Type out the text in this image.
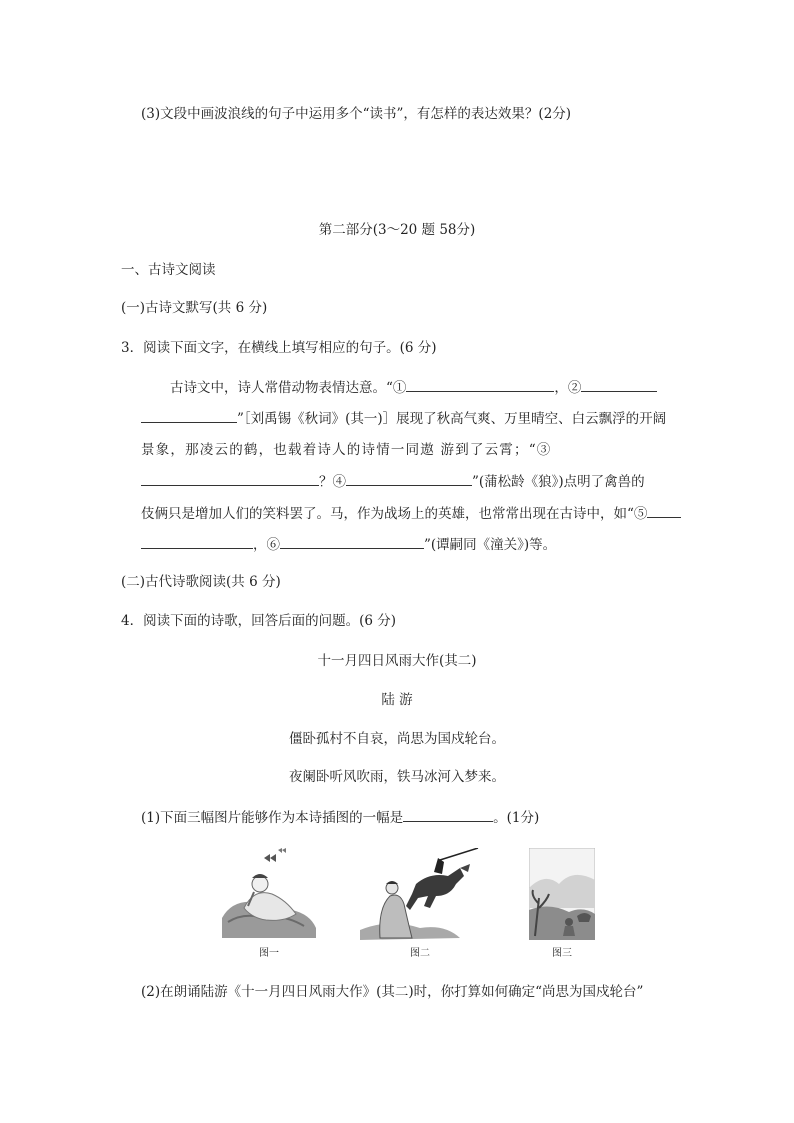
(3)文段中画波浪线的句子中运用多个“读书”，有怎样的表达效果？(2分)
第二部分(3～20 题 58分)
一、古诗文阅读
(一)古诗文默写(共 6 分)
3．阅读下面文字，在横线上填写相应的句子。(6 分)
古诗文中，诗人常借动物表情达意。“①	，②
”［刘禹锡《秋词》(其一)］展现了秋高气爽、万里晴空、白云飘浮的开阔
景象，那凌云的鹤，也载着诗人的诗情一同遨 游到了云霄；“③
？④	”(蒲松龄《狼》)点明了禽兽的
伎俩只是增加人们的笑料罢了。马，作为战场上的英雄，也常常出现在古诗中，如“⑤
，⑥	”(谭嗣同《潼关》)等。
(二)古代诗歌阅读(共 6 分)
4．阅读下面的诗歌，回答后面的问题。(6 分)
十一月四日风雨大作(其二)
陆 游
僵卧孤村不自哀，尚思为国戍轮台。
夜阑卧听风吹雨，铁马冰河入梦来。
(1)下面三幅图片能够作为本诗插图的一幅是	。(1分)
图一	图二	图三
(2)在朗诵陆游《十一月四日风雨大作》(其二)时，你打算如何确定“尚思为国戍轮台”
